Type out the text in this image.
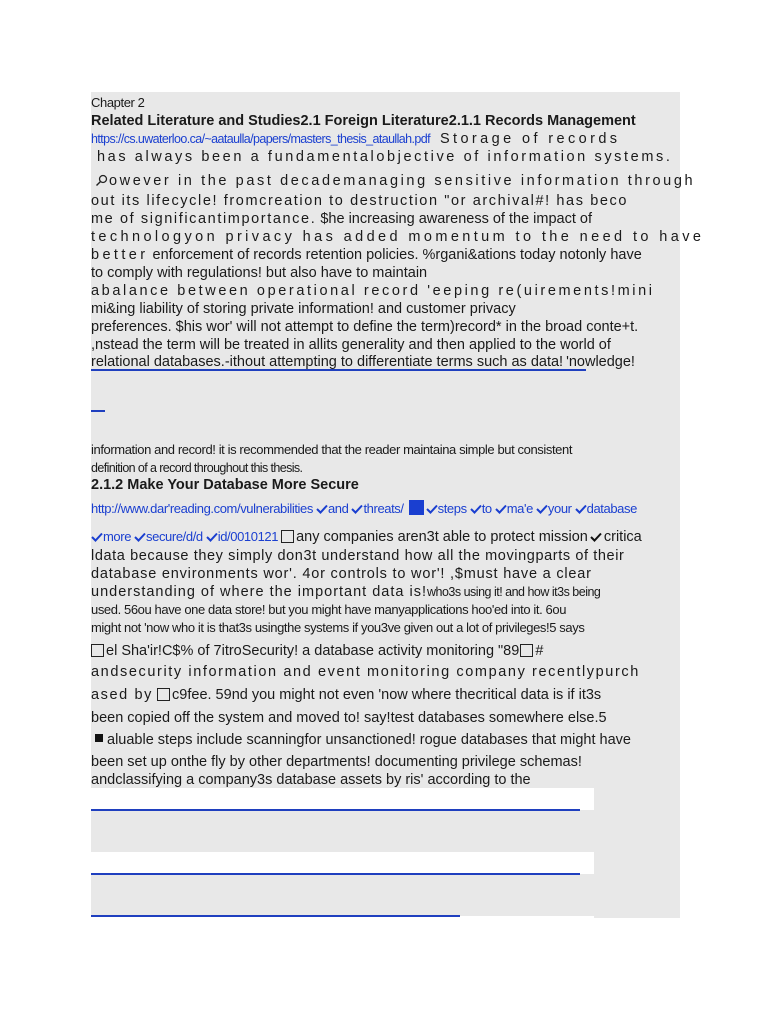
Chapter 2
Related Literature and Studies2.1 Foreign Literature2.1.1 Records Management
https://cs.uwaterloo.ca/~aataulla/papers/masters_thesis_ataullah.pdf Storage of records
has always been a fundamentalobjective of information systems.
owever in the past decademanaging sensitive information through
out its lifecycle! fromcreation to destruction "or archival#! has beco
me of significantimportance. $he increasing awareness of the impact of
technologyon privacy has added momentum to the need to have
better enforcement of records retention policies. %rgani&ations today notonly have
to comply with regulations! but also have to maintain
abalance between operational record 'eeping re(uirements!mini
mi&ing liability of storing private information! and customer privacy
preferences. $his wor' will not attempt to define the term)record* in the broad conte+t.
,nstead the term will be treated in allits generality and then applied to the world of
relational databases.-ithout attempting to differentiate terms such as data! 'nowledge!
information and record! it is recommended that the reader maintaina simple but consistent
definition of a record throughout this thesis.
2.1.2 Make Your Database More Secure
http://www.dar'reading.com/vulnerabilities and threats/	steps to ma'e your database
more secure/d/d id/0010121 any companies aren3t able to protect mission critica
ldata because they simply don3t understand how all the movingparts of their
database environments wor'. 4or controls to wor'! ,$must have a clear
understanding of where the important data is!who3s using it! and how it3s being
used. 56ou have one data store! but you might have manyapplications hoo'ed into it. 6ou
might not 'now who it is that3s usingthe systems if you3ve given out a lot of privileges!5 says
el Sha'ir!C$% of 7itroSecurity! a database activity monitoring "89 #
andsecurity information and event monitoring company recentlypurch
ased by c9fee. 59nd you might not even 'now where thecritical data is if it3s
been copied off the system and moved to! say!test databases somewhere else.5
aluable steps include scanningfor unsanctioned! rogue databases that might have
been set up onthe fly by other departments! documenting privilege schemas!
andclassifying a company3s database assets by ris' according to the
